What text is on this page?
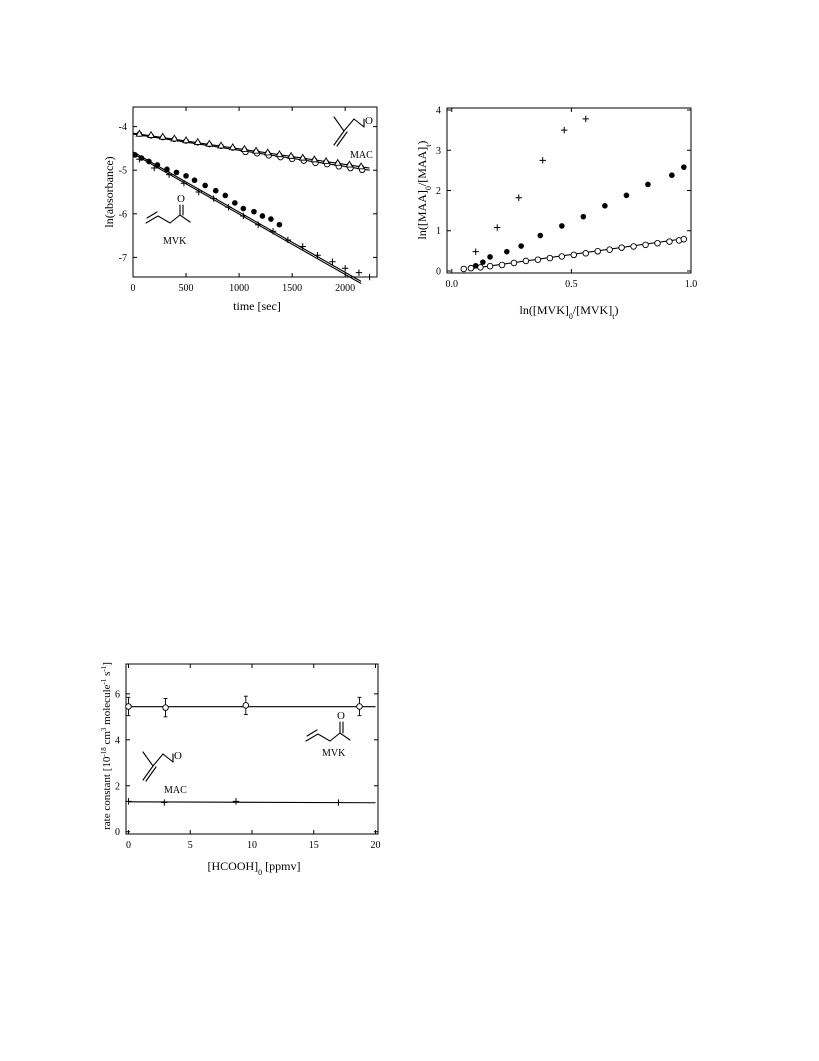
0	500	1000	1500	2000
-4
-5
-6
-7
time [sec]
ln(absorbance)
O
MAC
O
MVK
0.0	0.5	1.0
0
1
2
3
4
$\ln([MVK]_0/[MVK]_t)$
$\ln([MAA]_0/[MAA]_t)$
0	5	10	15	20
0
2
4
6
$[HCOOH]_0$ [ppmv]
rate constant [$10^{-18}$ $cm^3$ molecule$^{-1}$ $s^{-1}$]
O
MVK
O
MAC
